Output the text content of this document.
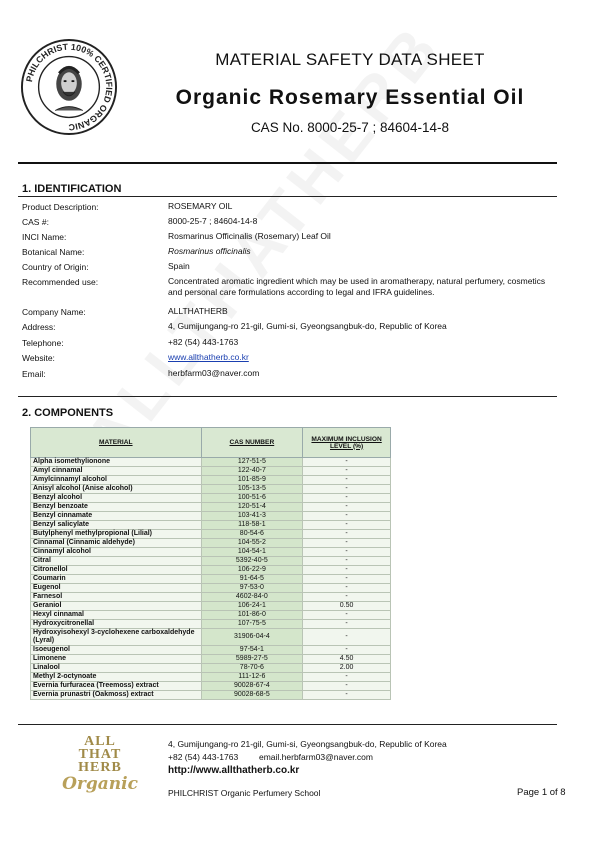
PHILCHRIST 100% CERTIFIED ORGANIC
MATERIAL SAFETY DATA SHEET
Organic Rosemary Essential Oil
CAS No. 8000-25-7 ; 84604-14-8
1. IDENTIFICATION
Product Description:	ROSEMARY OIL
CAS #:	8000-25-7 ; 84604-14-8
INCI Name:	Rosmarinus Officinalis (Rosemary) Leaf Oil
Botanical Name:	Rosmarinus officinalis
Country of Origin:	Spain
Recommended use:	Concentrated aromatic ingredient which may be used in aromatherapy, natural perfumery, cosmetics and personal care formulations according to legal and IFRA guidelines.
Company Name:	ALLTHATHERB
Address:	4, Gumijungang-ro 21-gil, Gumi-si, Gyeongsangbuk-do, Republic of Korea
Telephone:	+82 (54) 443-1763
Website:	www.allthatherb.co.kr
Email:	herbfarm03@naver.com
2. COMPONENTS
MATERIAL	CAS NUMBER	MAXIMUM INCLUSION LEVEL (%)
Alpha isomethylionone	127-51-5	-
Amyl cinnamal	122-40-7	-
Amylcinnamyl alcohol	101-85-9	-
Anisyl alcohol (Anise alcohol)	105-13-5	-
Benzyl alcohol	100-51-6	-
Benzyl benzoate	120-51-4	-
Benzyl cinnamate	103-41-3	-
Benzyl salicylate	118-58-1	-
Butylphenyl methylpropional (Lilial)	80-54-6	-
Cinnamal (Cinnamic aldehyde)	104-55-2	-
Cinnamyl alcohol	104-54-1	-
Citral	5392-40-5	-
Citronellol	106-22-9	-
Coumarin	91-64-5	-
Eugenol	97-53-0	-
Farnesol	4602-84-0	-
Geraniol	106-24-1	0.50
Hexyl cinnamal	101-86-0	-
Hydroxycitronellal	107-75-5	-
Hydroxyisohexyl 3-cyclohexene carboxaldehyde (Lyral)	31906-04-4	-
Isoeugenol	97-54-1	-
Limonene	5989-27-5	4.50
Linalool	78-70-6	2.00
Methyl 2-octynoate	111-12-6	-
Evernia furfuracea (Treemoss) extract	90028-67-4	-
Evernia prunastri (Oakmoss) extract	90028-68-5	-
ALL
THAT
HERB
Organic
4, Gumijungang-ro 21-gil, Gumi-si, Gyeongsangbuk-do, Republic of Korea
+82 (54) 443-1763 email.herbfarm03@naver.com
http://www.allthatherb.co.kr
PHILCHRIST Organic Perfumery School	Page 1 of 8
